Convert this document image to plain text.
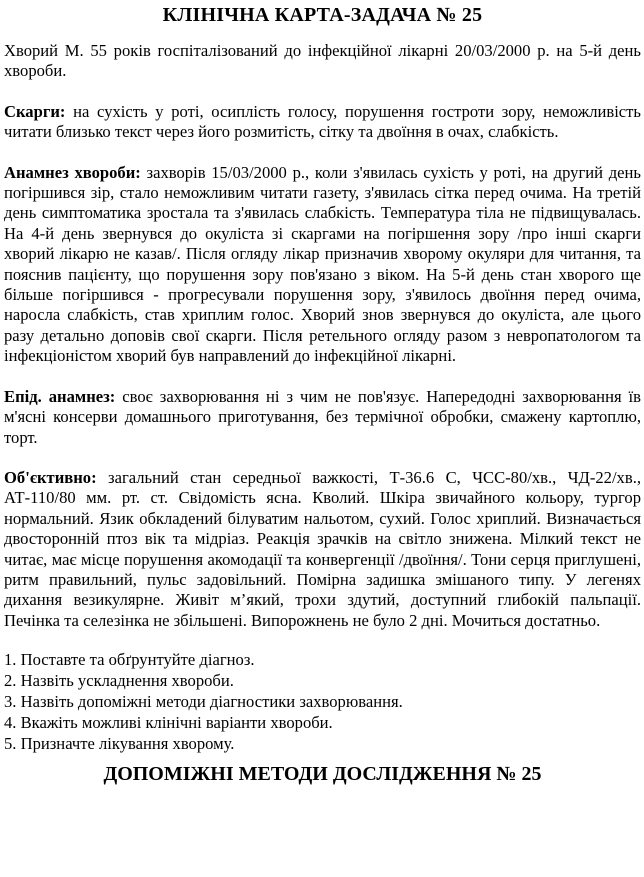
КЛІНІЧНА КАРТА-ЗАДАЧА № 25

Хворий М. 55 років госпіталізований до інфекційної лікарні 20/03/2000 р. на 5-й день хвороби.

Скарги: на сухість у роті, осиплість голосу, порушення гостроти зору, неможливість читати близько текст через його розмитість, сітку та двоїння в очах, слабкість.

Анамнез хвороби: захворів 15/03/2000 р., коли з'явилась сухість у роті, на другий день погіршився зір, стало неможливим читати газету, з'явилась сітка перед очима. На третій день симптоматика зростала та з'явилась слабкість. Температура тіла не підвищувалась. На 4-й день звернувся до окуліста зі скаргами на погіршення зору /про інші скарги хворий лікарю не казав/. Після огляду лікар призначив хворому окуляри для читання, та пояснив пацієнту, що порушення зору пов'язано з віком. На 5-й день стан хворого ще більше погіршився - прогресували порушення зору, з'явилось двоїння перед очима, наросла слабкість, став хриплим голос. Хворий знов звернувся до окуліста, але цього разу детально доповів свої скарги. Після ретельного огляду разом з невропатологом та інфекціоністом хворий був направлений до інфекційної лікарні.

Епід. анамнез: своє захворювання ні з чим не пов'язує. Напередодні захворювання їв м'ясні консерви домашнього приготування, без термічної обробки, смажену картоплю, торт.

Об'єктивно: загальний стан середньої важкості, Т-36.6 С, ЧСС-80/хв., ЧД-22/хв., АТ-110/80 мм. рт. ст. Свідомість ясна. Кволий. Шкіра звичайного кольору, тургор нормальний. Язик обкладений білуватим нальотом, сухий. Голос хриплий. Визначається двосторонній птоз вік та мідріаз. Реакція зрачків на світло знижена. Мілкий текст не читає, має місце порушення акомодації та конвергенції /двоїння/. Тони серця приглушені, ритм правильний, пульс задовільний. Помірна задишка змішаного типу. У легенях дихання везикулярне. Живіт м’який, трохи здутий, доступний глибокій пальпації. Печінка та селезінка не збільшені. Випорожнень не було 2 дні. Мочиться достатньо.

1. Поставте та обґрунтуйте діагноз.
2. Назвіть ускладнення хвороби.
3. Назвіть допоміжні методи діагностики захворювання.
4. Вкажіть можливі клінічні варіанти хвороби.
5. Призначте лікування хворому.
ДОПОМІЖНІ МЕТОДИ ДОСЛІДЖЕННЯ № 25
